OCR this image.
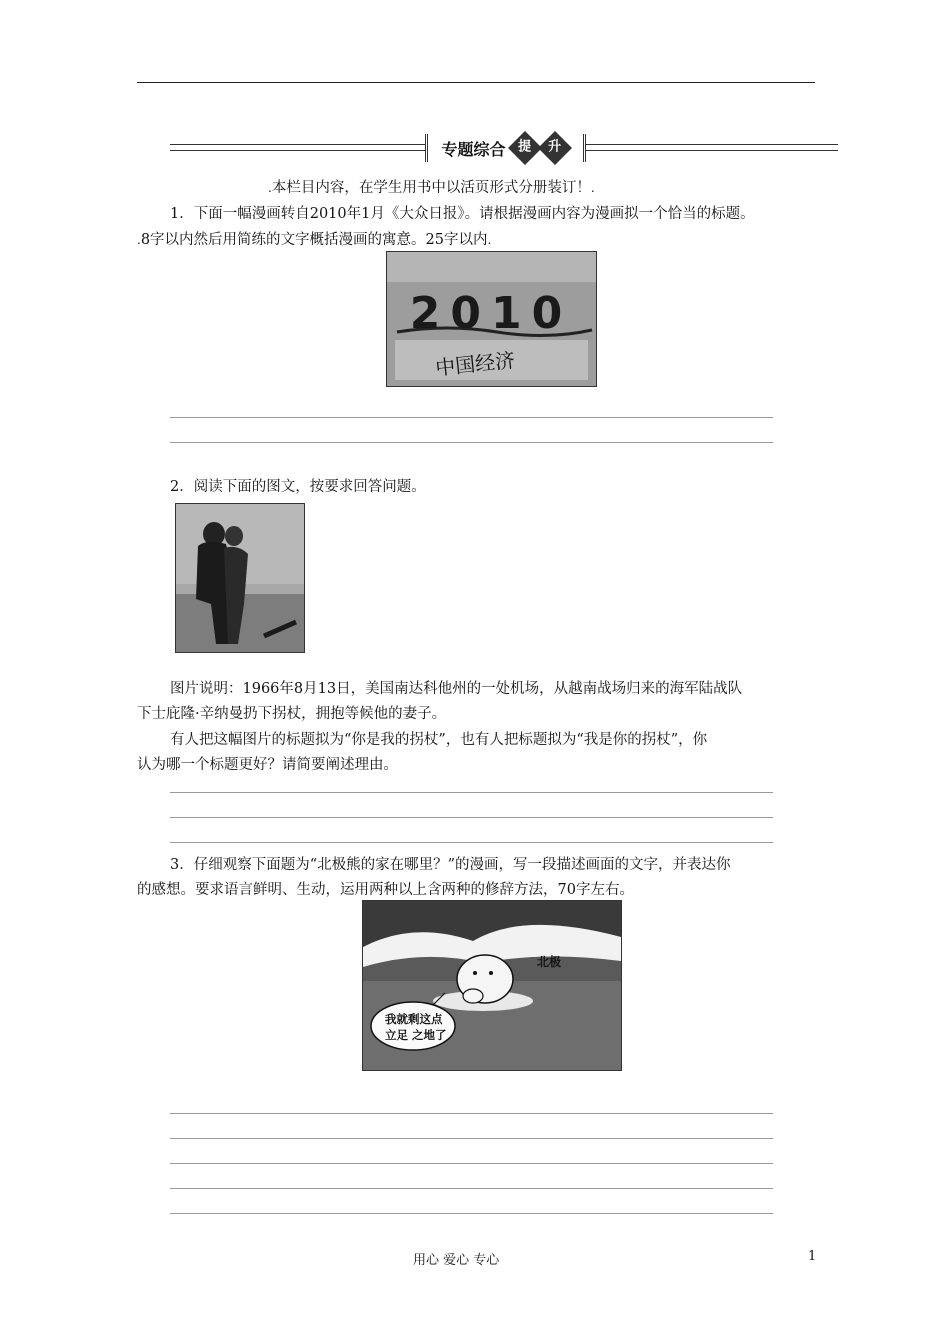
专题综合 提	升
.本栏目内容，在学生用书中以活页形式分册装订！.
1．下面一幅漫画转自2010年1月《大众日报》。请根据漫画内容为漫画拟一个恰当的标题。
.8字以内然后用简练的文字概括漫画的寓意。25字以内.
2010
中国经济
2．阅读下面的图文，按要求回答问题。
图片说明：1966年8月13日，美国南达科他州的一处机场，从越南战场归来的海军陆战队
下士庇隆·辛纳曼扔下拐杖，拥抱等候他的妻子。
有人把这幅图片的标题拟为“你是我的拐杖”，也有人把标题拟为“我是你的拐杖”，你
认为哪一个标题更好？请简要阐述理由。
3．仔细观察下面题为“北极熊的家在哪里？”的漫画，写一段描述画面的文字，并表达你
的感想。要求语言鲜明、生动，运用两种以上含两种的修辞方法，70字左右。
北极
我就剩这点
立足 之地了
用心 爱心 专心	1
